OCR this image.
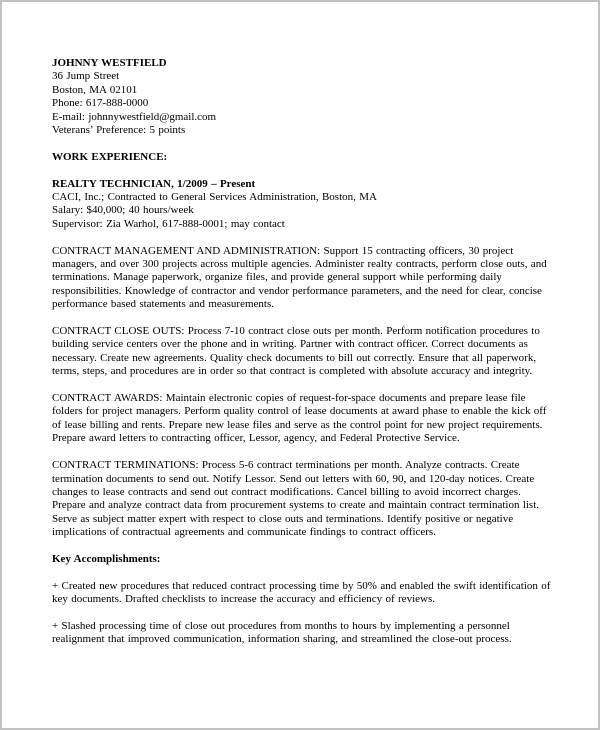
JOHNNY WESTFIELD

36 Jump Street

Boston, MA 02101

Phone: 617-888-0000

E-mail: johnnywestfield@gmail.com

Veterans’ Preference: 5 points

WORK EXPERIENCE:

REALTY TECHNICIAN, 1/2009 – Present

CACI, Inc.; Contracted to General Services Administration, Boston, MA

Salary: $40,000; 40 hours/week

Supervisor: Zia Warhol, 617-888-0001; may contact

CONTRACT MANAGEMENT AND ADMINISTRATION: Support 15 contracting officers, 30 project managers, and over 300 projects across multiple agencies. Administer realty contracts, perform close outs, and terminations. Manage paperwork, organize files, and provide general support while performing daily responsibilities. Knowledge of contractor and vendor performance parameters, and the need for clear, concise performance based statements and measurements.

CONTRACT CLOSE OUTS: Process 7-10 contract close outs per month. Perform notification procedures to building service centers over the phone and in writing. Partner with contract officer. Correct documents as necessary. Create new agreements. Quality check documents to bill out correctly. Ensure that all paperwork, terms, steps, and procedures are in order so that contract is completed with absolute accuracy and integrity.

CONTRACT AWARDS: Maintain electronic copies of request-for-space documents and prepare lease file folders for project managers. Perform quality control of lease documents at award phase to enable the kick off of lease billing and rents. Prepare new lease files and serve as the control point for new project requirements. Prepare award letters to contracting officer, Lessor, agency, and Federal Protective Service.

CONTRACT TERMINATIONS: Process 5-6 contract terminations per month. Analyze contracts. Create termination documents to send out. Notify Lessor. Send out letters with 60, 90, and 120-day notices. Create changes to lease contracts and send out contract modifications. Cancel billing to avoid incorrect charges. Prepare and analyze contract data from procurement systems to create and maintain contract termination list. Serve as subject matter expert with respect to close outs and terminations. Identify positive or negative implications of contractual agreements and communicate findings to contract officers.

Key Accomplishments:

+ Created new procedures that reduced contract processing time by 50% and enabled the swift identification of key documents. Drafted checklists to increase the accuracy and efficiency of reviews.

+ Slashed processing time of close out procedures from months to hours by implementing a personnel realignment that improved communication, information sharing, and streamlined the close-out process.
